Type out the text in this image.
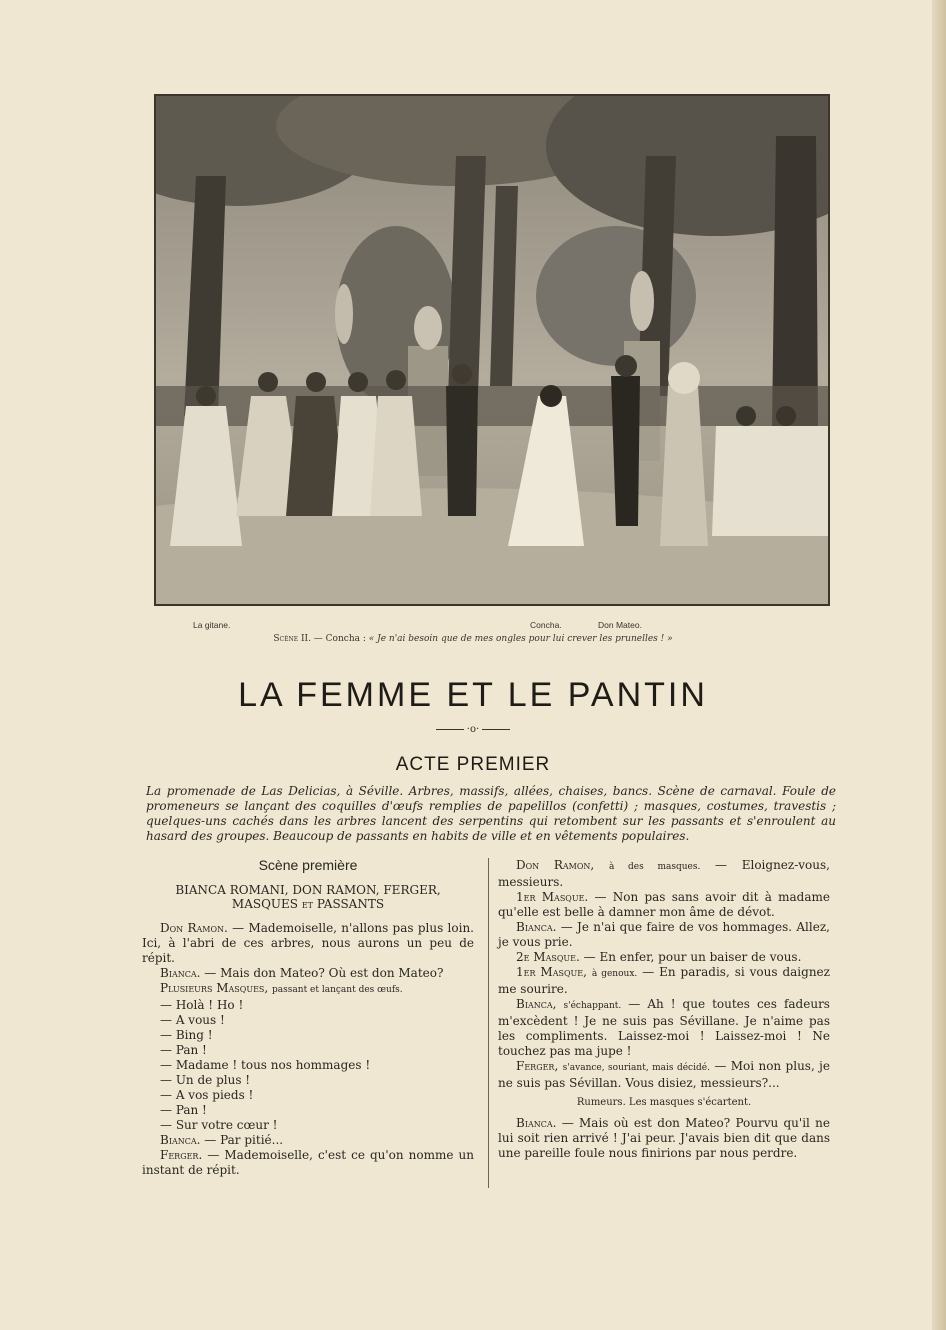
La gitane.	Concha.	Don Mateo.
Scène II. — Concha : « Je n'ai besoin que de mes ongles pour lui crever les prunelles ! »
LA FEMME ET LE PANTIN
·o·
ACTE PREMIER
La promenade de Las Delicias, à Séville. Arbres, massifs, allées, chaises, bancs. Scène de carnaval. Foule de promeneurs se lançant des coquilles d'œufs remplies de papelillos (confetti) ; masques, costumes, travestis ; quelques-uns cachés dans les arbres lancent des serpentins qui retombent sur les passants et s'enroulent au hasard des groupes. Beaucoup de passants en habits de ville et en vêtements populaires.
Scène première
BIANCA ROMANI, DON RAMON, FERGER, MASQUES et PASSANTS

Don Ramon. — Mademoiselle, n'allons pas plus loin. Ici, à l'abri de ces arbres, nous aurons un peu de répit.

Bianca. — Mais don Mateo? Où est don Mateo?

Plusieurs Masques, passant et lançant des œufs.

— Holà ! Ho !

— A vous !

— Bing !

— Pan !

— Madame ! tous nos hommages !

— Un de plus !

— A vos pieds !

— Pan !

— Sur votre cœur !

Bianca. — Par pitié...

Ferger. — Mademoiselle, c'est ce qu'on nomme un instant de répit.

Don Ramon, à des masques. — Eloignez-vous, messieurs.

1er Masque. — Non pas sans avoir dit à madame qu'elle est belle à damner mon âme de dévot.

Bianca. — Je n'ai que faire de vos hommages. Allez, je vous prie.

2e Masque. — En enfer, pour un baiser de vous.

1er Masque, à genoux. — En paradis, si vous daignez me sourire.

Bianca, s'échappant. — Ah ! que toutes ces fadeurs m'excèdent ! Je ne suis pas Sévillane. Je n'aime pas les compliments. Laissez-moi ! Laissez-moi ! Ne touchez pas ma jupe !

Ferger, s'avance, souriant, mais décidé. — Moi non plus, je ne suis pas Sévillan. Vous disiez, messieurs?...

Rumeurs. Les masques s'écartent.

Bianca. — Mais où est don Mateo? Pourvu qu'il ne lui soit rien arrivé ! J'ai peur. J'avais bien dit que dans une pareille foule nous finirions par nous perdre.
